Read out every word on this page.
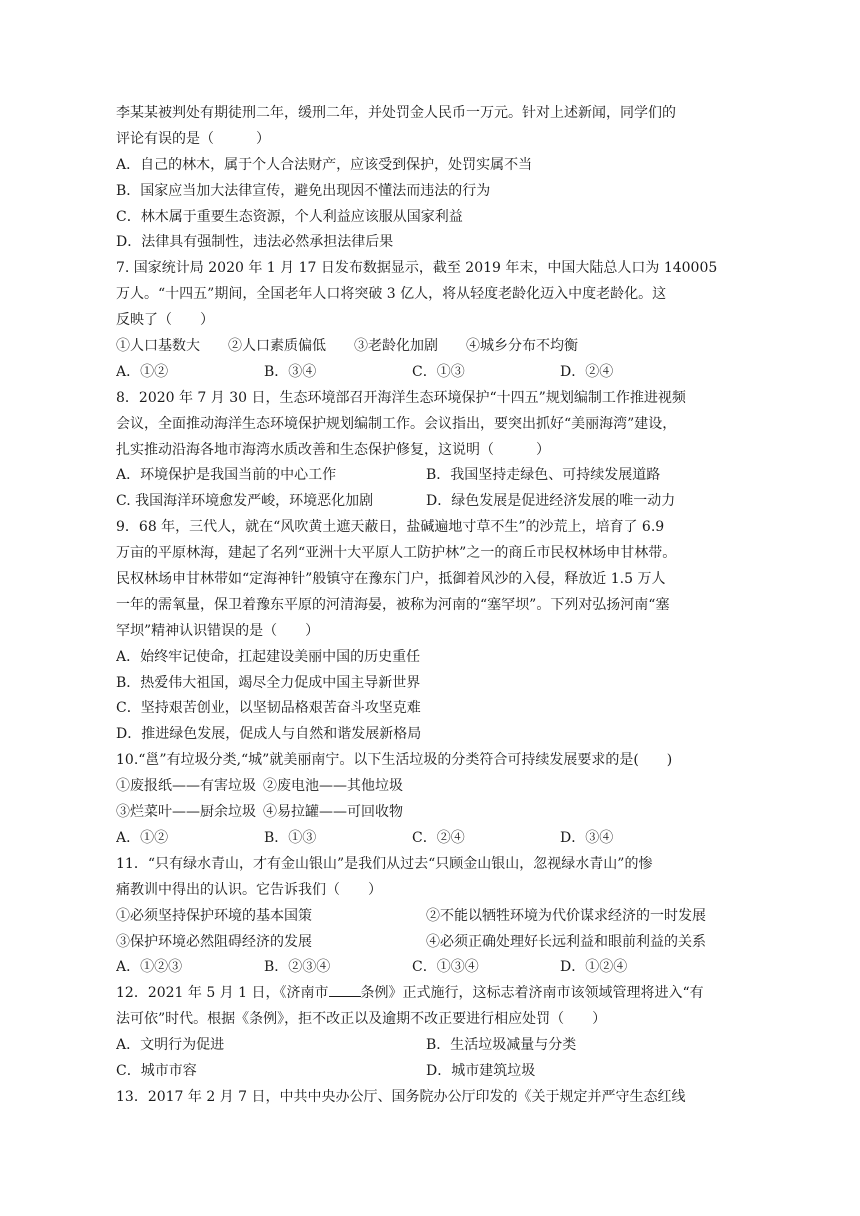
李某某被判处有期徒刑二年，缓刑二年，并处罚金人民币一万元。针对上述新闻，同学们的
评论有误的是（　　　）
A．自己的林木，属于个人合法财产，应该受到保护，处罚实属不当
B．国家应当加大法律宣传，避免出现因不懂法而违法的行为
C．林木属于重要生态资源，个人利益应该服从国家利益
D．法律具有强制性，违法必然承担法律后果
7. 国家统计局 2020 年 1 月 17 日发布数据显示，截至 2019 年末，中国大陆总人口为 140005
万人。“十四五”期间，全国老年人口将突破 3 亿人，将从轻度老龄化迈入中度老龄化。这
反映了（　　）
①人口基数大　　②人口素质偏低　　③老龄化加剧　　④城乡分布不均衡
A．①②	B．③④	C．①③	D．②④
8．2020 年 7 月 30 日，生态环境部召开海洋生态环境保护“十四五”规划编制工作推进视频
会议，全面推动海洋生态环境保护规划编制工作。会议指出，要突出抓好“美丽海湾”建设，
扎实推动沿海各地市海湾水质改善和生态保护修复，这说明（　　　）
A．环境保护是我国当前的中心工作	B．我国坚持走绿色、可持续发展道路
C. 我国海洋环境愈发严峻，环境恶化加剧	D．绿色发展是促进经济发展的唯一动力
9．68 年，三代人，就在“风吹黄土遮天蔽日，盐碱遍地寸草不生”的沙荒上，培育了 6.9
万亩的平原林海，建起了名列“亚洲十大平原人工防护林”之一的商丘市民权林场申甘林带。
民权林场申甘林带如“定海神针”般镇守在豫东门户，抵御着风沙的入侵，释放近 1.5 万人
一年的需氧量，保卫着豫东平原的河清海晏，被称为河南的“塞罕坝”。下列对弘扬河南“塞
罕坝”精神认识错误的是（　　）
A．始终牢记使命，扛起建设美丽中国的历史重任
B．热爱伟大祖国，竭尽全力促成中国主导新世界
C．坚持艰苦创业，以坚韧品格艰苦奋斗攻坚克难
D．推进绿色发展，促成人与自然和谐发展新格局
10.“邕”有垃圾分类,“城”就美丽南宁。以下生活垃圾的分类符合可持续发展要求的是(　　)
①废报纸——有害垃圾 ②废电池——其他垃圾
③烂菜叶——厨余垃圾 ④易拉罐——可回收物
A．①②	B．①③	C．②④	D．③④
11．“只有绿水青山，才有金山银山”是我们从过去“只顾金山银山，忽视绿水青山”的惨
痛教训中得出的认识。它告诉我们（　　）
①必须坚持保护环境的基本国策	②不能以牺牲环境为代价谋求经济的一时发展
③保护环境必然阻碍经济的发展	④必须正确处理好长远利益和眼前利益的关系
A．①②③	B．②③④	C．①③④	D．①②④
12．2021 年 5 月 1 日，《济南市 条例》正式施行，这标志着济南市该领域管理将进入“有
法可依”时代。根据《条例》，拒不改正以及逾期不改正要进行相应处罚（　　）
A．文明行为促进	B．生活垃圾减量与分类
C．城市市容	D．城市建筑垃圾
13．2017 年 2 月 7 日，中共中央办公厅、国务院办公厅印发的《关于规定并严守生态红线
